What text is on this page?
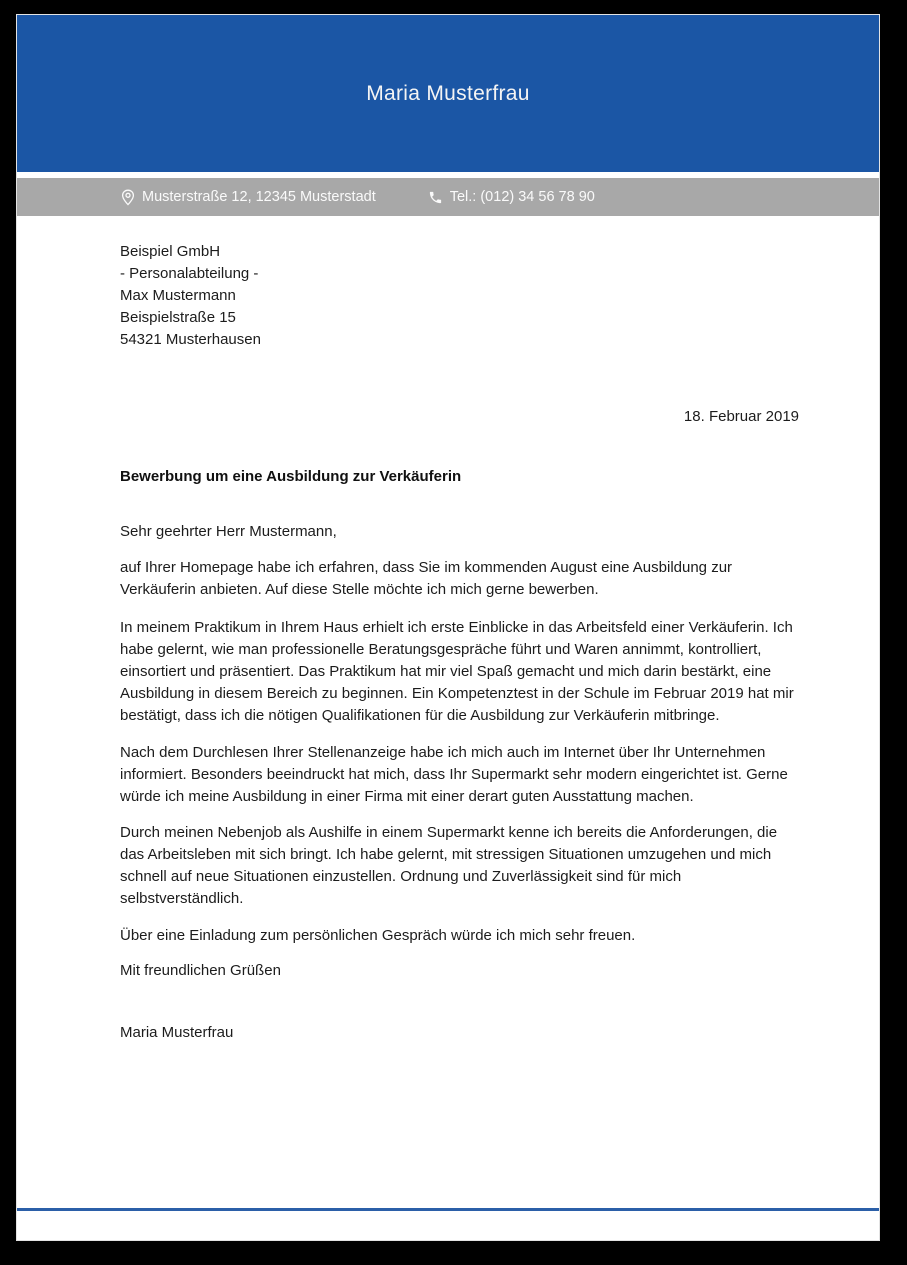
Maria Musterfrau
Musterstraße 12, 12345 Musterstadt	Tel.: (012) 34 56 78 90
Beispiel GmbH
- Personalabteilung -
Max Mustermann
Beispielstraße 15
54321 Musterhausen
18. Februar 2019
Bewerbung um eine Ausbildung zur Verkäuferin
Sehr geehrter Herr Mustermann,

auf Ihrer Homepage habe ich erfahren, dass Sie im kommenden August eine Ausbildung zur Verkäuferin anbieten. Auf diese Stelle möchte ich mich gerne bewerben.

In meinem Praktikum in Ihrem Haus erhielt ich erste Einblicke in das Arbeitsfeld einer Verkäuferin. Ich habe gelernt, wie man professionelle Beratungsgespräche führt und Waren annimmt, kontrolliert, einsortiert und präsentiert. Das Praktikum hat mir viel Spaß gemacht und mich darin bestärkt, eine Ausbildung in diesem Bereich zu beginnen. Ein Kompetenztest in der Schule im Februar 2019 hat mir bestätigt, dass ich die nötigen Qualifikationen für die Ausbildung zur Verkäuferin mitbringe.

Nach dem Durchlesen Ihrer Stellenanzeige habe ich mich auch im Internet über Ihr Unternehmen informiert. Besonders beeindruckt hat mich, dass Ihr Supermarkt sehr modern eingerichtet ist. Gerne würde ich meine Ausbildung in einer Firma mit einer derart guten Ausstattung machen.

Durch meinen Nebenjob als Aushilfe in einem Supermarkt kenne ich bereits die Anforderungen, die das Arbeitsleben mit sich bringt. Ich habe gelernt, mit stressigen Situationen umzugehen und mich schnell auf neue Situationen einzustellen. Ordnung und Zuverlässigkeit sind für mich selbstverständlich.

Über eine Einladung zum persönlichen Gespräch würde ich mich sehr freuen.

Mit freundlichen Grüßen
Maria Musterfrau
